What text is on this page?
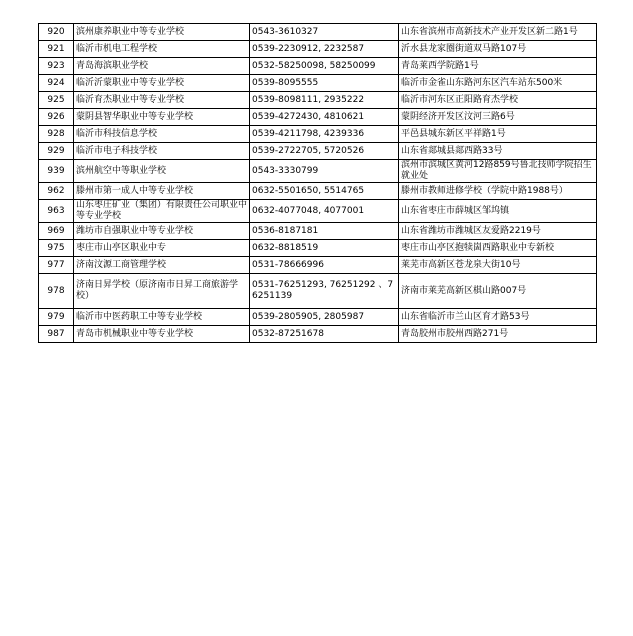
920	滨州康养职业中等专业学校	0543-3610327	山东省滨州市高新技术产业开发区新二路1号
921	临沂市机电工程学校	0539-2230912, 2232587	沂水县龙家圈街道双马路107号
923	青岛海滨职业学校	0532-58250098, 58250099	青岛莱西学院路1号
924	临沂沂蒙职业中等专业学校	0539-8095555	临沂市金雀山东路河东区汽车站东500米
925	临沂育杰职业中等专业学校	0539-8098111, 2935222	临沂市河东区正阳路育杰学校
926	蒙阴县智华职业中等专业学校	0539-4272430, 4810621	蒙阴经济开发区汶河三路6号
928	临沂市科技信息学校	0539-4211798, 4239336	平邑县城东新区平祥路1号
929	临沂市电子科技学校	0539-2722705, 5720526	山东省郯城县郯西路33号
939	滨州航空中等职业学校	0543-3330799	滨州市滨城区黄河12路859号鲁北技师学院招生就业处
962	滕州市第一成人中等专业学校	0632-5501650, 5514765	滕州市教师进修学校（学院中路1988号）
963	山东枣庄矿业（集团）有限责任公司职业中等专业学校	0632-4077048, 4077001	山东省枣庄市薛城区邹坞镇
969	潍坊市自强职业中等专业学校	0536-8187181	山东省潍坊市潍城区友爱路2219号
975	枣庄市山亭区职业中专	0632-8818519	枣庄市山亭区抱犊崮西路职业中专新校
977	济南汶源工商管理学校	0531-78666996	莱芜市高新区苍龙泉大街10号
978	济南日昇学校（原济南市日昇工商旅游学校）	0531-76251293, 76251292 、76251139	济南市莱芜高新区棋山路007号
979	临沂市中医药职工中等专业学校	0539-2805905, 2805987	山东省临沂市兰山区育才路53号
987	青岛市机械职业中等专业学校	0532-87251678	青岛胶州市胶州西路271号
